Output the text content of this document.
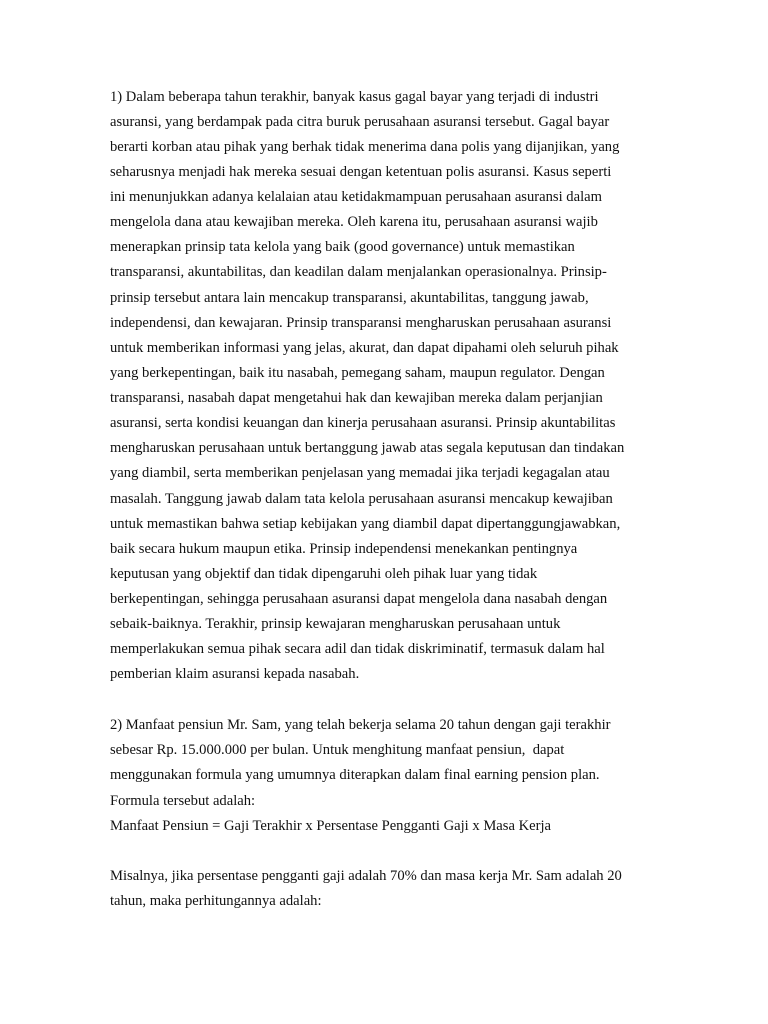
1) Dalam beberapa tahun terakhir, banyak kasus gagal bayar yang terjadi di industri
asuransi, yang berdampak pada citra buruk perusahaan asuransi tersebut. Gagal bayar
berarti korban atau pihak yang berhak tidak menerima dana polis yang dijanjikan, yang
seharusnya menjadi hak mereka sesuai dengan ketentuan polis asuransi. Kasus seperti
ini menunjukkan adanya kelalaian atau ketidakmampuan perusahaan asuransi dalam
mengelola dana atau kewajiban mereka. Oleh karena itu, perusahaan asuransi wajib
menerapkan prinsip tata kelola yang baik (good governance) untuk memastikan
transparansi, akuntabilitas, dan keadilan dalam menjalankan operasionalnya. Prinsip-
prinsip tersebut antara lain mencakup transparansi, akuntabilitas, tanggung jawab,
independensi, dan kewajaran. Prinsip transparansi mengharuskan perusahaan asuransi
untuk memberikan informasi yang jelas, akurat, dan dapat dipahami oleh seluruh pihak
yang berkepentingan, baik itu nasabah, pemegang saham, maupun regulator. Dengan
transparansi, nasabah dapat mengetahui hak dan kewajiban mereka dalam perjanjian
asuransi, serta kondisi keuangan dan kinerja perusahaan asuransi. Prinsip akuntabilitas
mengharuskan perusahaan untuk bertanggung jawab atas segala keputusan dan tindakan
yang diambil, serta memberikan penjelasan yang memadai jika terjadi kegagalan atau
masalah. Tanggung jawab dalam tata kelola perusahaan asuransi mencakup kewajiban
untuk memastikan bahwa setiap kebijakan yang diambil dapat dipertanggungjawabkan,
baik secara hukum maupun etika. Prinsip independensi menekankan pentingnya
keputusan yang objektif dan tidak dipengaruhi oleh pihak luar yang tidak
berkepentingan, sehingga perusahaan asuransi dapat mengelola dana nasabah dengan
sebaik-baiknya. Terakhir, prinsip kewajaran mengharuskan perusahaan untuk
memperlakukan semua pihak secara adil dan tidak diskriminatif, termasuk dalam hal
pemberian klaim asuransi kepada nasabah.
2) Manfaat pensiun Mr. Sam, yang telah bekerja selama 20 tahun dengan gaji terakhir
sebesar Rp. 15.000.000 per bulan. Untuk menghitung manfaat pensiun,  dapat
menggunakan formula yang umumnya diterapkan dalam final earning pension plan.
Formula tersebut adalah:
Manfaat Pensiun = Gaji Terakhir x Persentase Pengganti Gaji x Masa Kerja
Misalnya, jika persentase pengganti gaji adalah 70% dan masa kerja Mr. Sam adalah 20
tahun, maka perhitungannya adalah:
